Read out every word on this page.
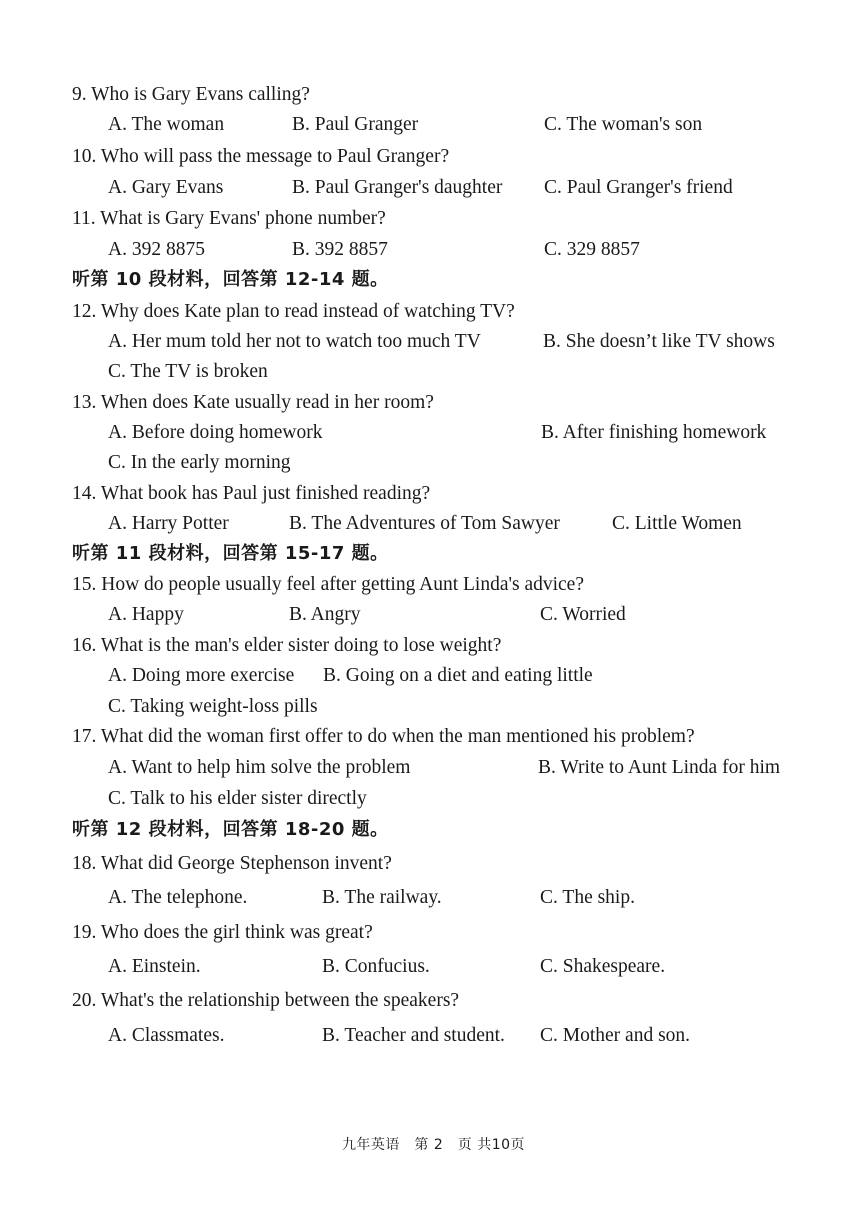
9. Who is Gary Evans calling?
A. The woman	B. Paul Granger	C. The woman's son
10. Who will pass the message to Paul Granger?
A. Gary Evans	B. Paul Granger's daughter C. Paul Granger's friend
11. What is Gary Evans' phone number?
A. 392 8875	B. 392 8857	C. 329 8857
听第 10 段材料，回答第 12-14 题。
12. Why does Kate plan to read instead of watching TV?
A. Her mum told her not to watch too much TV	B. She doesn’t like TV shows
C. The TV is broken
13. When does Kate usually read in her room?
A. Before doing homework	B. After finishing homework
C. In the early morning
14. What book has Paul just finished reading?
A. Harry Potter	B. The Adventures of Tom Sawyer	C. Little Women
听第 11 段材料，回答第 15-17 题。
15. How do people usually feel after getting Aunt Linda's advice?
A. Happy	B. Angry	C. Worried
16. What is the man's elder sister doing to lose weight?
A. Doing more exercise B. Going on a diet and eating little
C. Taking weight-loss pills
17. What did the woman first offer to do when the man mentioned his problem?
A. Want to help him solve the problem	B. Write to Aunt Linda for him
C. Talk to his elder sister directly
听第 12 段材料，回答第 18-20 题。
18. What did George Stephenson invent?
A. The telephone.	B. The railway.	C. The ship.
19. Who does the girl think was great?
A. Einstein.	B. Confucius.	C. Shakespeare.
20. What's the relationship between the speakers?
A. Classmates.	B. Teacher and student. C. Mother and son.
九年英语　第 2　页 共10页
